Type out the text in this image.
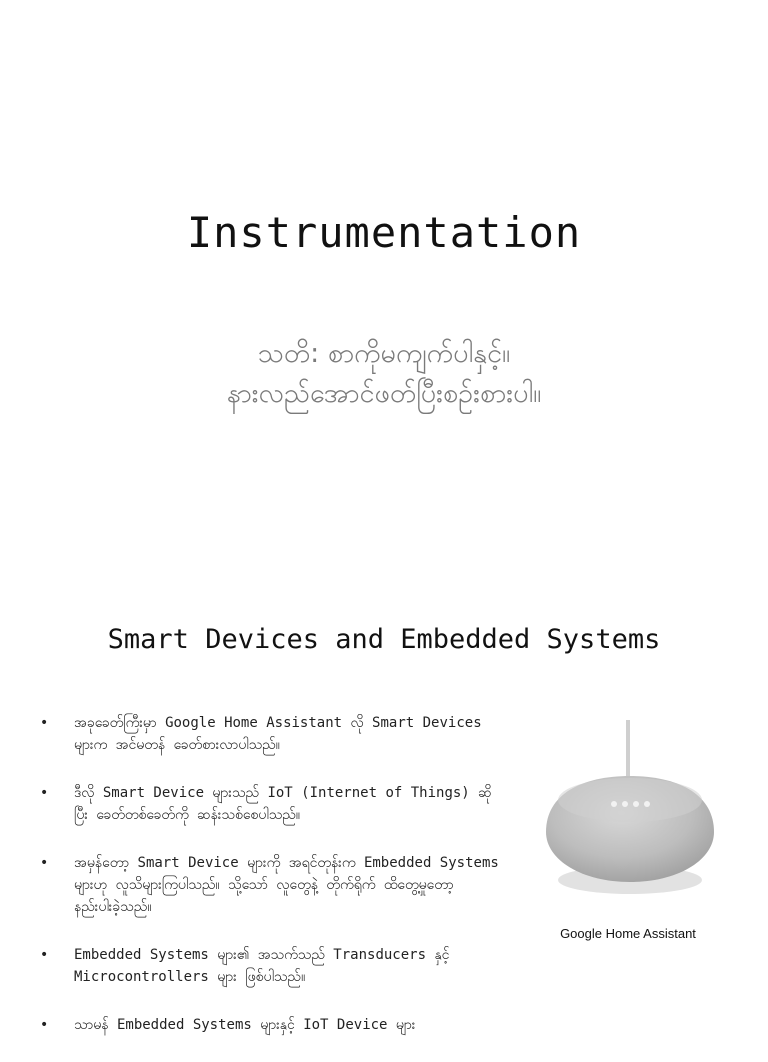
Instrumentation
သတိ: စာကိုမကျက်ပါနှင့်။
နားလည်အောင်ဖတ်ပြီးစဉ်းစားပါ။
Smart Devices and Embedded Systems
• အခုခေတ်ကြီးမှာ Google Home Assistant လို Smart Devices များက အင်မတန် ခေတ်စားလာပါသည်။
• ဒီလို Smart Device များသည် IoT (Internet of Things) ဆိုပြီး ခေတ်တစ်ခေတ်ကို ဆန်းသစ်စေပါသည်။
• အမှန်တော့ Smart Device များကို အရင်တုန်းက Embedded Systems များဟု လူသိများကြပါသည်။ သို့သော် လူတွေနဲ့ တိုက်ရိုက် ထိတွေ့မှုတော့ နည်းပါးခဲ့သည်။
• Embedded Systems များ၏ အသက်သည် Transducers နှင့် Microcontrollers များ ဖြစ်ပါသည်။
• သာမန် Embedded Systems များနှင့် IoT Device များ
Google Home Assistant
